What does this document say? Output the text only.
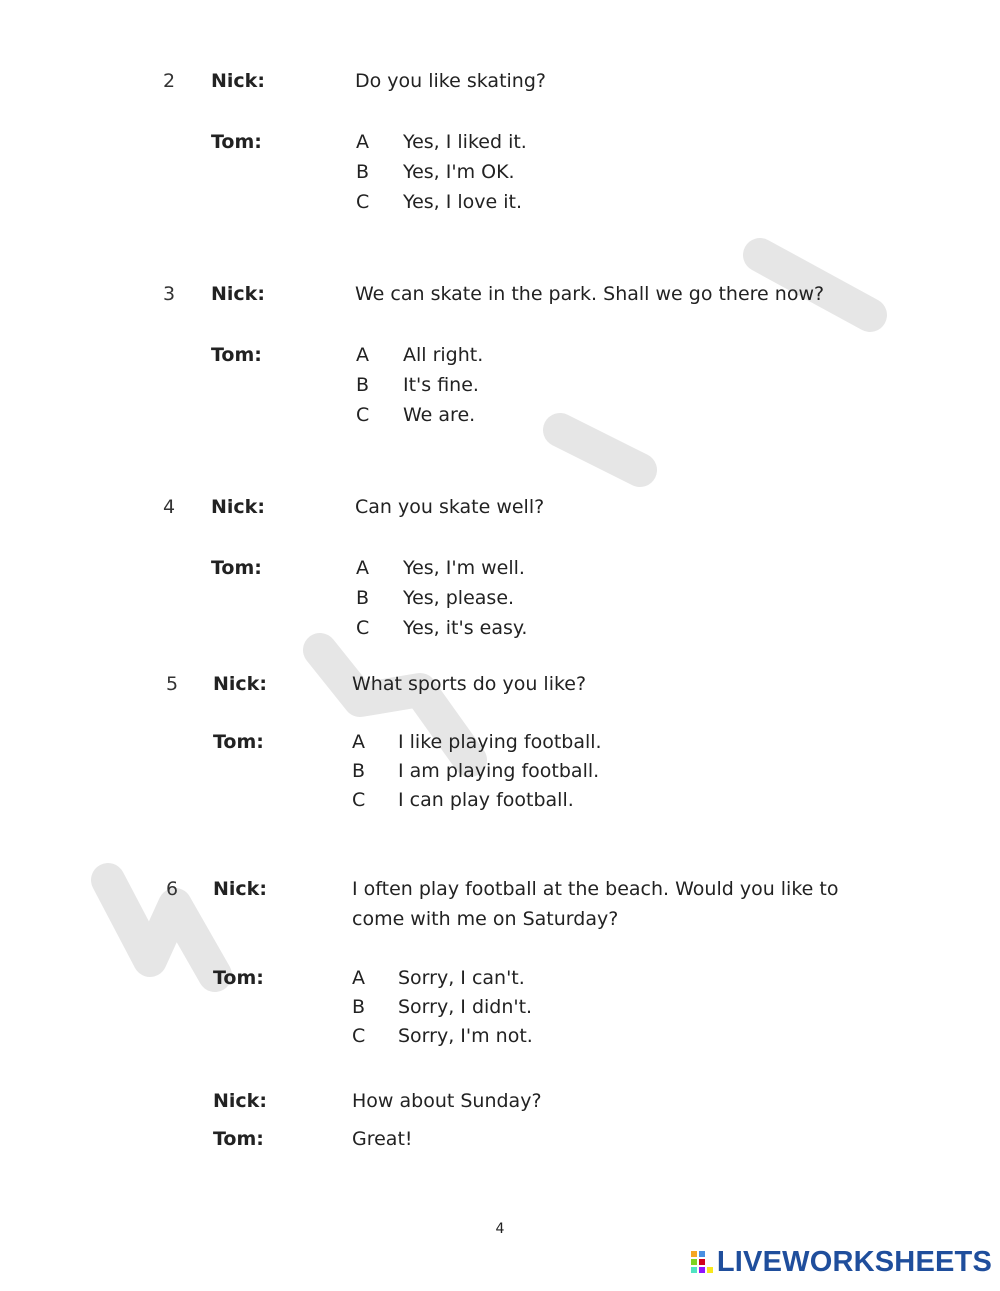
2 Nick:	Do you like skating?
Tom:	A Yes, I liked it.
B Yes, I'm OK.
C Yes, I love it.
3 Nick:	We can skate in the park. Shall we go there now?
Tom:	A All right.
B It's fine.
C We are.
4 Nick:	Can you skate well?
Tom:	A Yes, I'm well.
B Yes, please.
C Yes, it's easy.
5 Nick:	What sports do you like?
Tom:	A I like playing football.
B I am playing football.
C I can play football.
6 Nick:	I often play football at the beach. Would you like to come with me on Saturday?
Tom:	A Sorry, I can't.
B Sorry, I didn't.
C Sorry, I'm not.
Nick:	How about Sunday?
Tom:	Great!
4
LIVEWORKSHEETS
